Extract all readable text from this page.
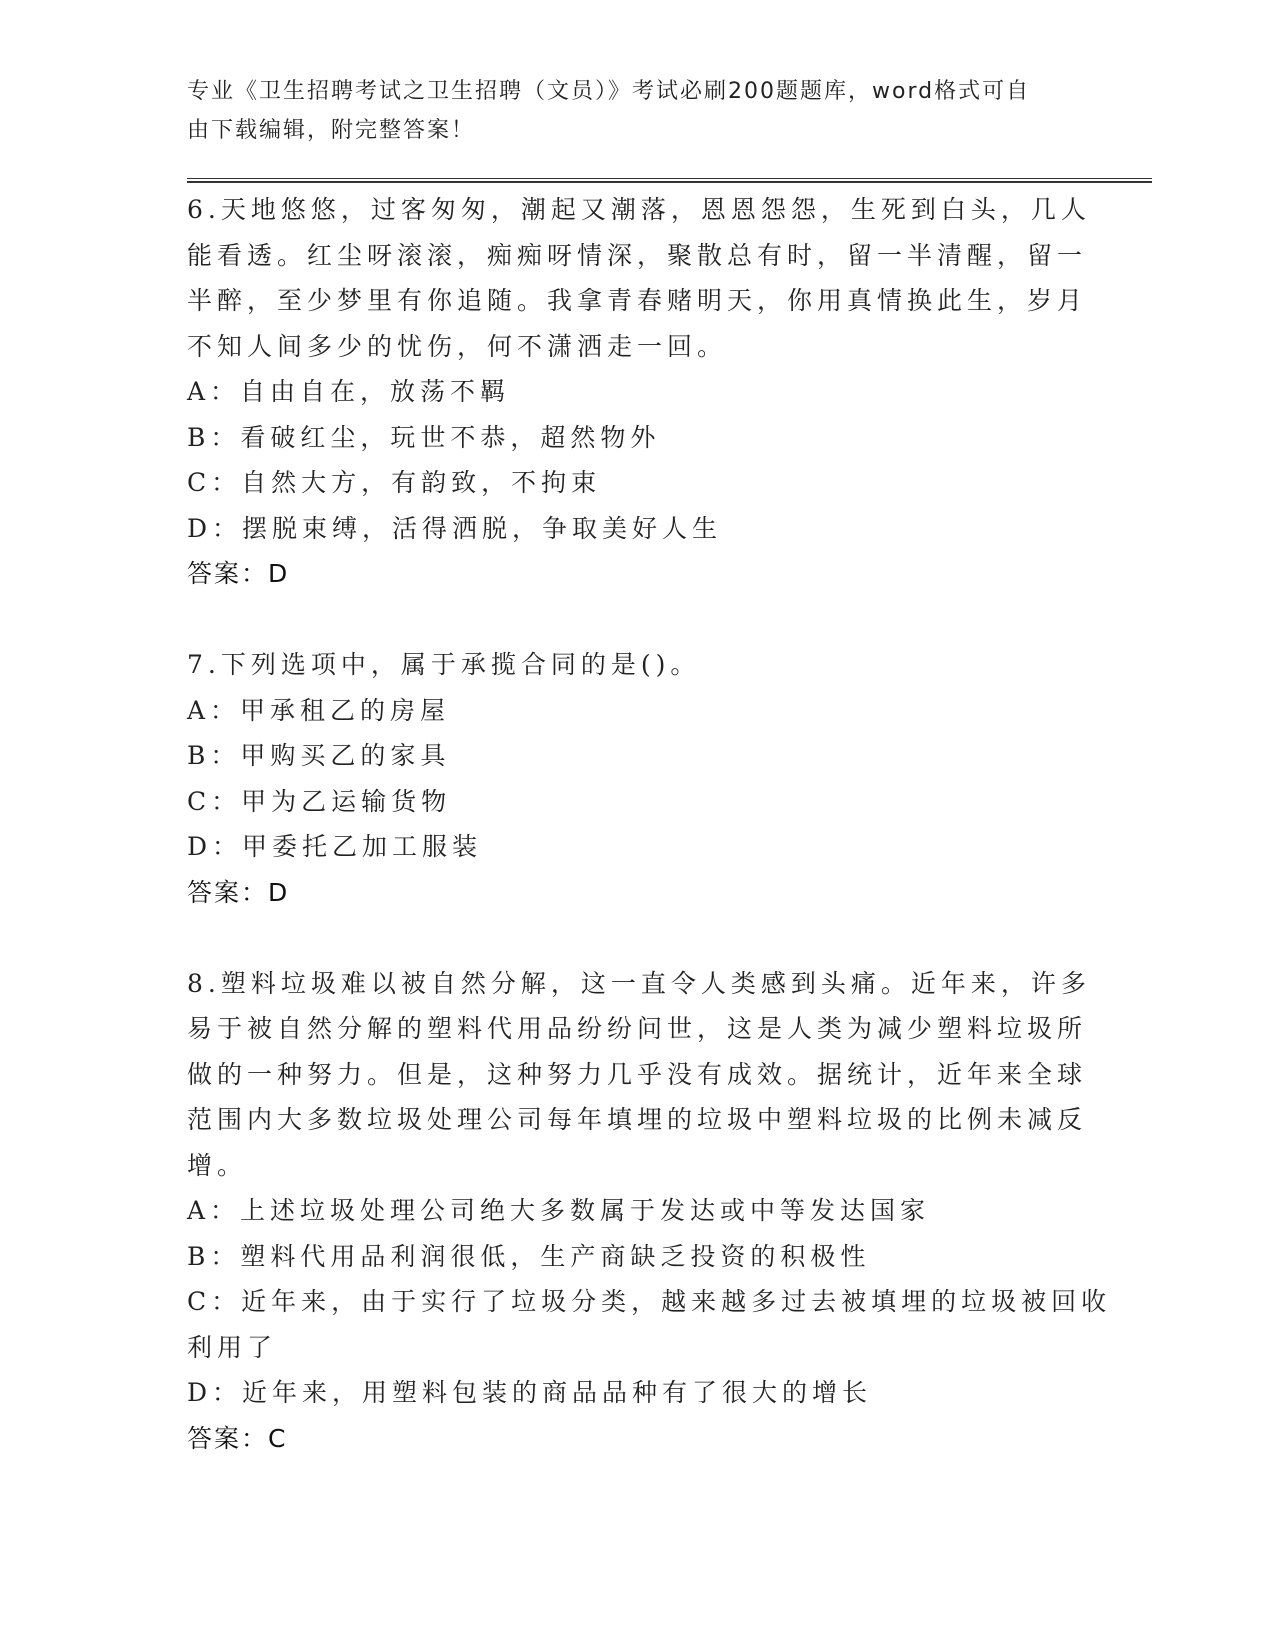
专业《卫生招聘考试之卫生招聘（文员）》考试必刷200题题库，word格式可自

由下载编辑，附完整答案！

6.天地悠悠，过客匆匆，潮起又潮落，恩恩怨怨，生死到白头，几人

能看透。红尘呀滚滚，痴痴呀情深，聚散总有时，留一半清醒，留一

半醉，至少梦里有你追随。我拿青春赌明天，你用真情换此生，岁月

不知人间多少的忧伤，何不潇洒走一回。

A：自由自在，放荡不羁

B：看破红尘，玩世不恭，超然物外

C：自然大方，有韵致，不拘束

D：摆脱束缚，活得洒脱，争取美好人生

答案：D

7.下列选项中，属于承揽合同的是()。

A：甲承租乙的房屋

B：甲购买乙的家具

C：甲为乙运输货物

D：甲委托乙加工服装

答案：D

8.塑料垃圾难以被自然分解，这一直令人类感到头痛。近年来，许多

易于被自然分解的塑料代用品纷纷问世，这是人类为减少塑料垃圾所

做的一种努力。但是，这种努力几乎没有成效。据统计，近年来全球

范围内大多数垃圾处理公司每年填埋的垃圾中塑料垃圾的比例未减反

增。

A：上述垃圾处理公司绝大多数属于发达或中等发达国家

B：塑料代用品利润很低，生产商缺乏投资的积极性

C：近年来，由于实行了垃圾分类，越来越多过去被填埋的垃圾被回收

利用了

D：近年来，用塑料包装的商品品种有了很大的增长

答案：C
